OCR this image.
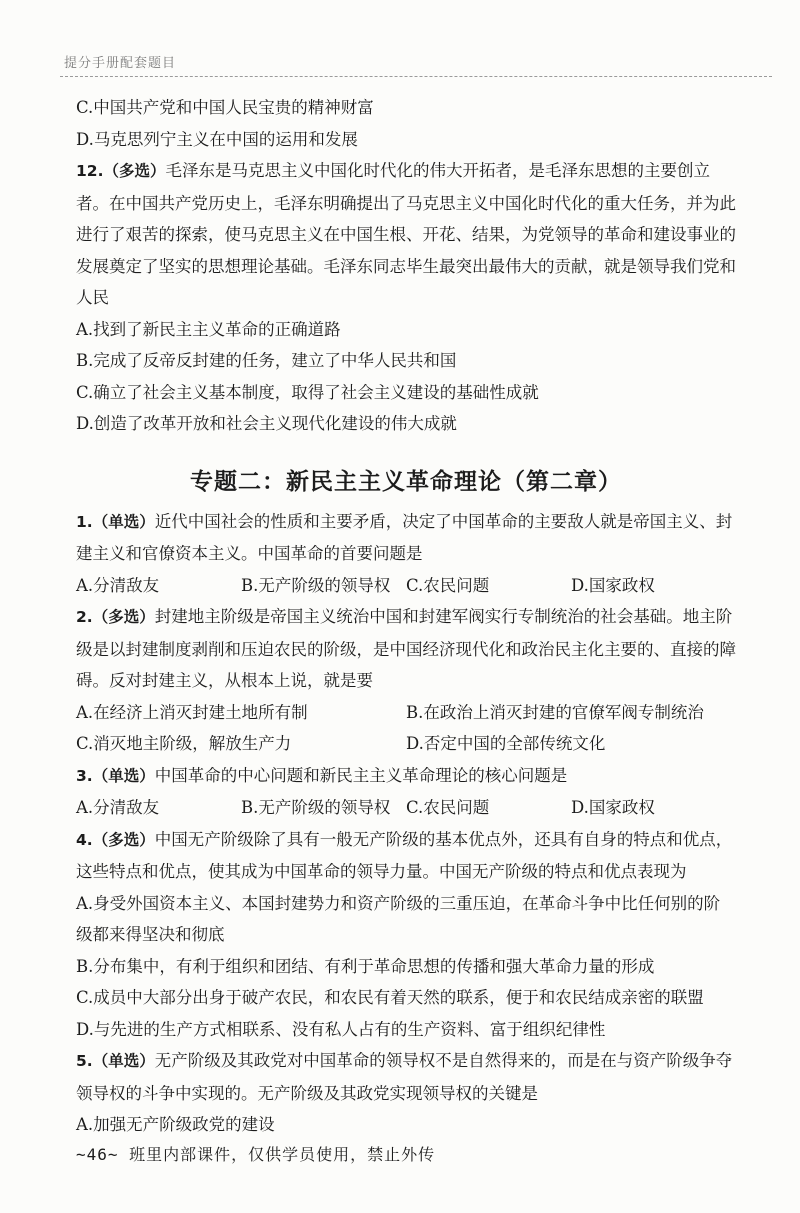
提分手册配套题目

C.中国共产党和中国人民宝贵的精神财富

D.马克思列宁主义在中国的运用和发展

12.（多选）毛泽东是马克思主义中国化时代化的伟大开拓者，是毛泽东思想的主要创立者。在中国共产党历史上，毛泽东明确提出了马克思主义中国化时代化的重大任务，并为此进行了艰苦的探索，使马克思主义在中国生根、开花、结果，为党领导的革命和建设事业的发展奠定了坚实的思想理论基础。毛泽东同志毕生最突出最伟大的贡献，就是领导我们党和人民

A.找到了新民主主义革命的正确道路

B.完成了反帝反封建的任务，建立了中华人民共和国

C.确立了社会主义基本制度，取得了社会主义建设的基础性成就

D.创造了改革开放和社会主义现代化建设的伟大成就

专题二：新民主主义革命理论（第二章）

1.（单选）近代中国社会的性质和主要矛盾，决定了中国革命的主要敌人就是帝国主义、封建主义和官僚资本主义。中国革命的首要问题是

A.分清敌友	B.无产阶级的领导权 C.农民问题	D.国家政权

2.（多选）封建地主阶级是帝国主义统治中国和封建军阀实行专制统治的社会基础。地主阶级是以封建制度剥削和压迫农民的阶级，是中国经济现代化和政治民主化主要的、直接的障碍。反对封建主义，从根本上说，就是要

A.在经济上消灭封建土地所有制	B.在政治上消灭封建的官僚军阀专制统治
C.消灭地主阶级，解放生产力	D.否定中国的全部传统文化

3.（单选）中国革命的中心问题和新民主主义革命理论的核心问题是

A.分清敌友	B.无产阶级的领导权 C.农民问题	D.国家政权

4.（多选）中国无产阶级除了具有一般无产阶级的基本优点外，还具有自身的特点和优点，这些特点和优点，使其成为中国革命的领导力量。中国无产阶级的特点和优点表现为

A.身受外国资本主义、本国封建势力和资产阶级的三重压迫，在革命斗争中比任何别的阶级都来得坚决和彻底

B.分布集中，有利于组织和团结、有利于革命思想的传播和强大革命力量的形成

C.成员中大部分出身于破产农民，和农民有着天然的联系，便于和农民结成亲密的联盟

D.与先进的生产方式相联系、没有私人占有的生产资料、富于组织纪律性

5.（单选）无产阶级及其政党对中国革命的领导权不是自然得来的，而是在与资产阶级争夺领导权的斗争中实现的。无产阶级及其政党实现领导权的关键是

A.加强无产阶级政党的建设

~46~ 班里内部课件，仅供学员使用，禁止外传
